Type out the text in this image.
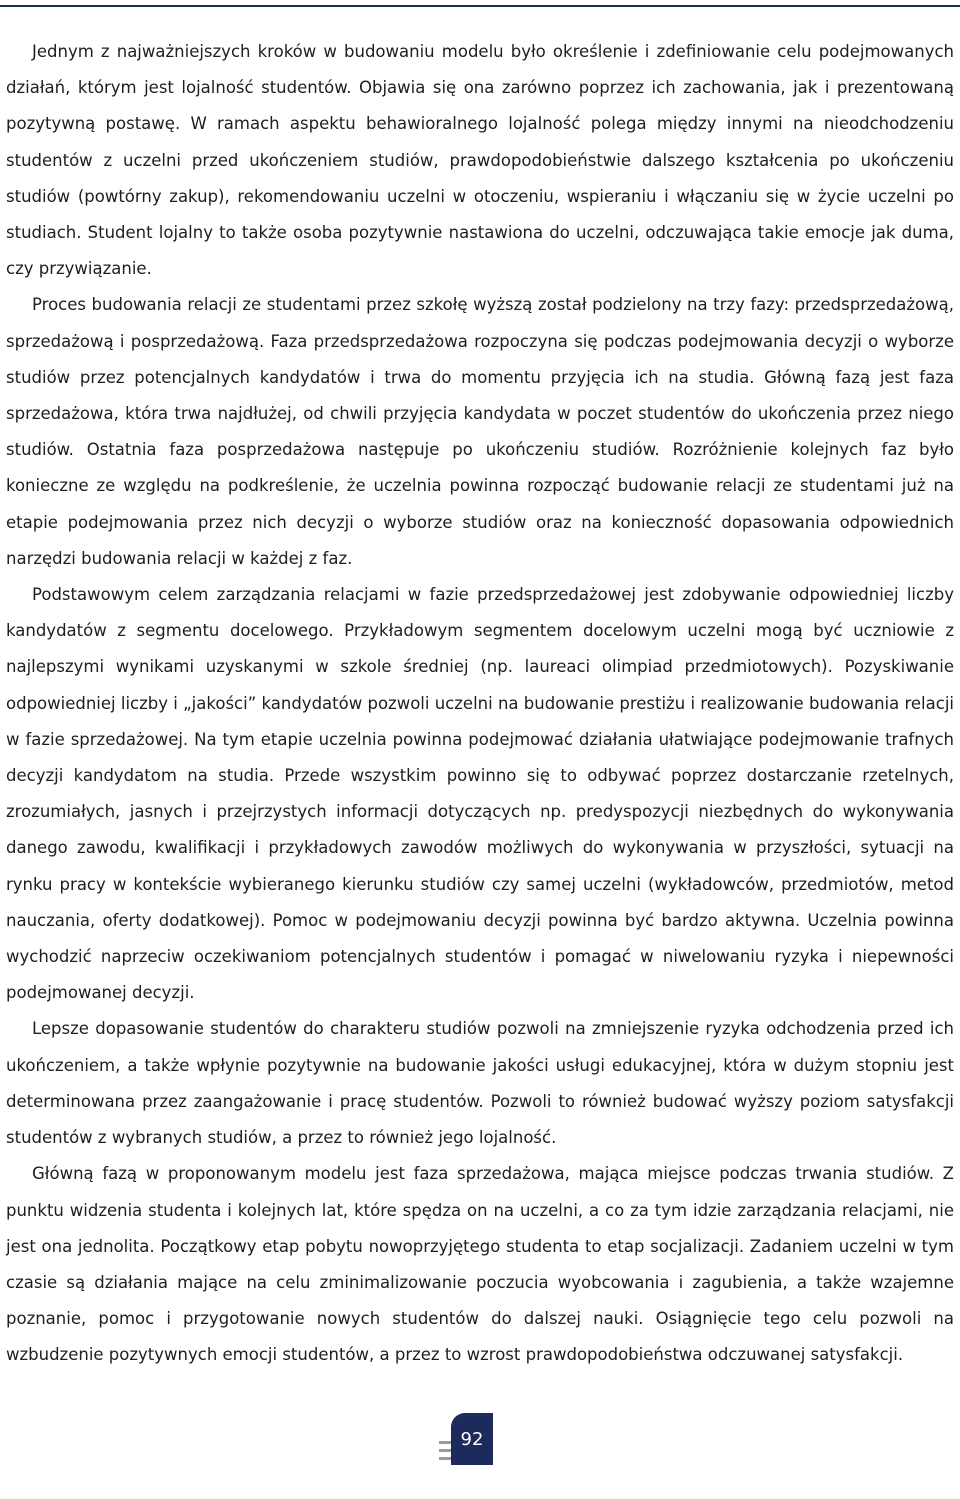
Jednym z najważniejszych kroków w budowaniu modelu było określenie i zdefiniowanie celu podejmowanych działań, którym jest lojalność studentów. Objawia się ona zarówno poprzez ich zachowania, jak i prezentowaną pozytywną postawę. W ramach aspektu behawioralnego lojalność polega między innymi na nieodchodzeniu studentów z uczelni przed ukończeniem studiów, prawdopodobieństwie dalszego kształcenia po ukończeniu studiów (powtórny zakup), rekomendowaniu uczelni w otoczeniu, wspieraniu i włączaniu się w życie uczelni po studiach. Student lojalny to także osoba pozytywnie nastawiona do uczelni, odczuwająca takie emocje jak duma, czy przywiązanie.

Proces budowania relacji ze studentami przez szkołę wyższą został podzielony na trzy fazy: przedsprzedażową, sprzedażową i posprzedażową. Faza przedsprzedażowa rozpoczyna się podczas podejmowania decyzji o wyborze studiów przez potencjalnych kandydatów i trwa do momentu przyjęcia ich na studia. Główną fazą jest faza sprzedażowa, która trwa najdłużej, od chwili przyjęcia kandydata w poczet studentów do ukończenia przez niego studiów. Ostatnia faza posprzedażowa następuje po ukończeniu studiów. Rozróżnienie kolejnych faz było konieczne ze względu na podkreślenie, że uczelnia powinna rozpocząć budowanie relacji ze studentami już na etapie podejmowania przez nich decyzji o wyborze studiów oraz na konieczność dopasowania odpowiednich narzędzi budowania relacji w każdej z faz.

Podstawowym celem zarządzania relacjami w fazie przedsprzedażowej jest zdobywanie odpowiedniej liczby kandydatów z segmentu docelowego. Przykładowym segmentem docelowym uczelni mogą być uczniowie z najlepszymi wynikami uzyskanymi w szkole średniej (np. laureaci olimpiad przedmiotowych). Pozyskiwanie odpowiedniej liczby i „jakości” kandydatów pozwoli uczelni na budowanie prestiżu i realizowanie budowania relacji w fazie sprzedażowej. Na tym etapie uczelnia powinna podejmować działania ułatwiające podejmowanie trafnych decyzji kandydatom na studia. Przede wszystkim powinno się to odbywać poprzez dostarczanie rzetelnych, zrozumiałych, jasnych i przejrzystych informacji dotyczących np. predyspozycji niezbędnych do wykonywania danego zawodu, kwalifikacji i przykładowych zawodów możliwych do wykonywania w przyszłości, sytuacji na rynku pracy w kontekście wybieranego kierunku studiów czy samej uczelni (wykładowców, przedmiotów, metod nauczania, oferty dodatkowej). Pomoc w podejmowaniu decyzji powinna być bardzo aktywna. Uczelnia powinna wychodzić naprzeciw oczekiwaniom potencjalnych studentów i pomagać w niwelowaniu ryzyka i niepewności podejmowanej decyzji.

Lepsze dopasowanie studentów do charakteru studiów pozwoli na zmniejszenie ryzyka odchodzenia przed ich ukończeniem, a także wpłynie pozytywnie na budowanie jakości usługi edukacyjnej, która w dużym stopniu jest determinowana przez zaangażowanie i pracę studentów. Pozwoli to również budować wyższy poziom satysfakcji studentów z wybranych studiów, a przez to również jego lojalność.

Główną fazą w proponowanym modelu jest faza sprzedażowa, mająca miejsce podczas trwania studiów. Z punktu widzenia studenta i kolejnych lat, które spędza on na uczelni, a co za tym idzie zarządzania relacjami, nie jest ona jednolita. Początkowy etap pobytu nowoprzyjętego studenta to etap socjalizacji. Zadaniem uczelni w tym czasie są działania mające na celu zminimalizowanie poczucia wyobcowania i zagubienia, a także wzajemne poznanie, pomoc i przygotowanie nowych studentów do dalszej nauki. Osiągnięcie tego celu pozwoli na wzbudzenie pozytywnych emocji studentów, a przez to wzrost prawdopodobieństwa odczuwanej satysfakcji.

92
